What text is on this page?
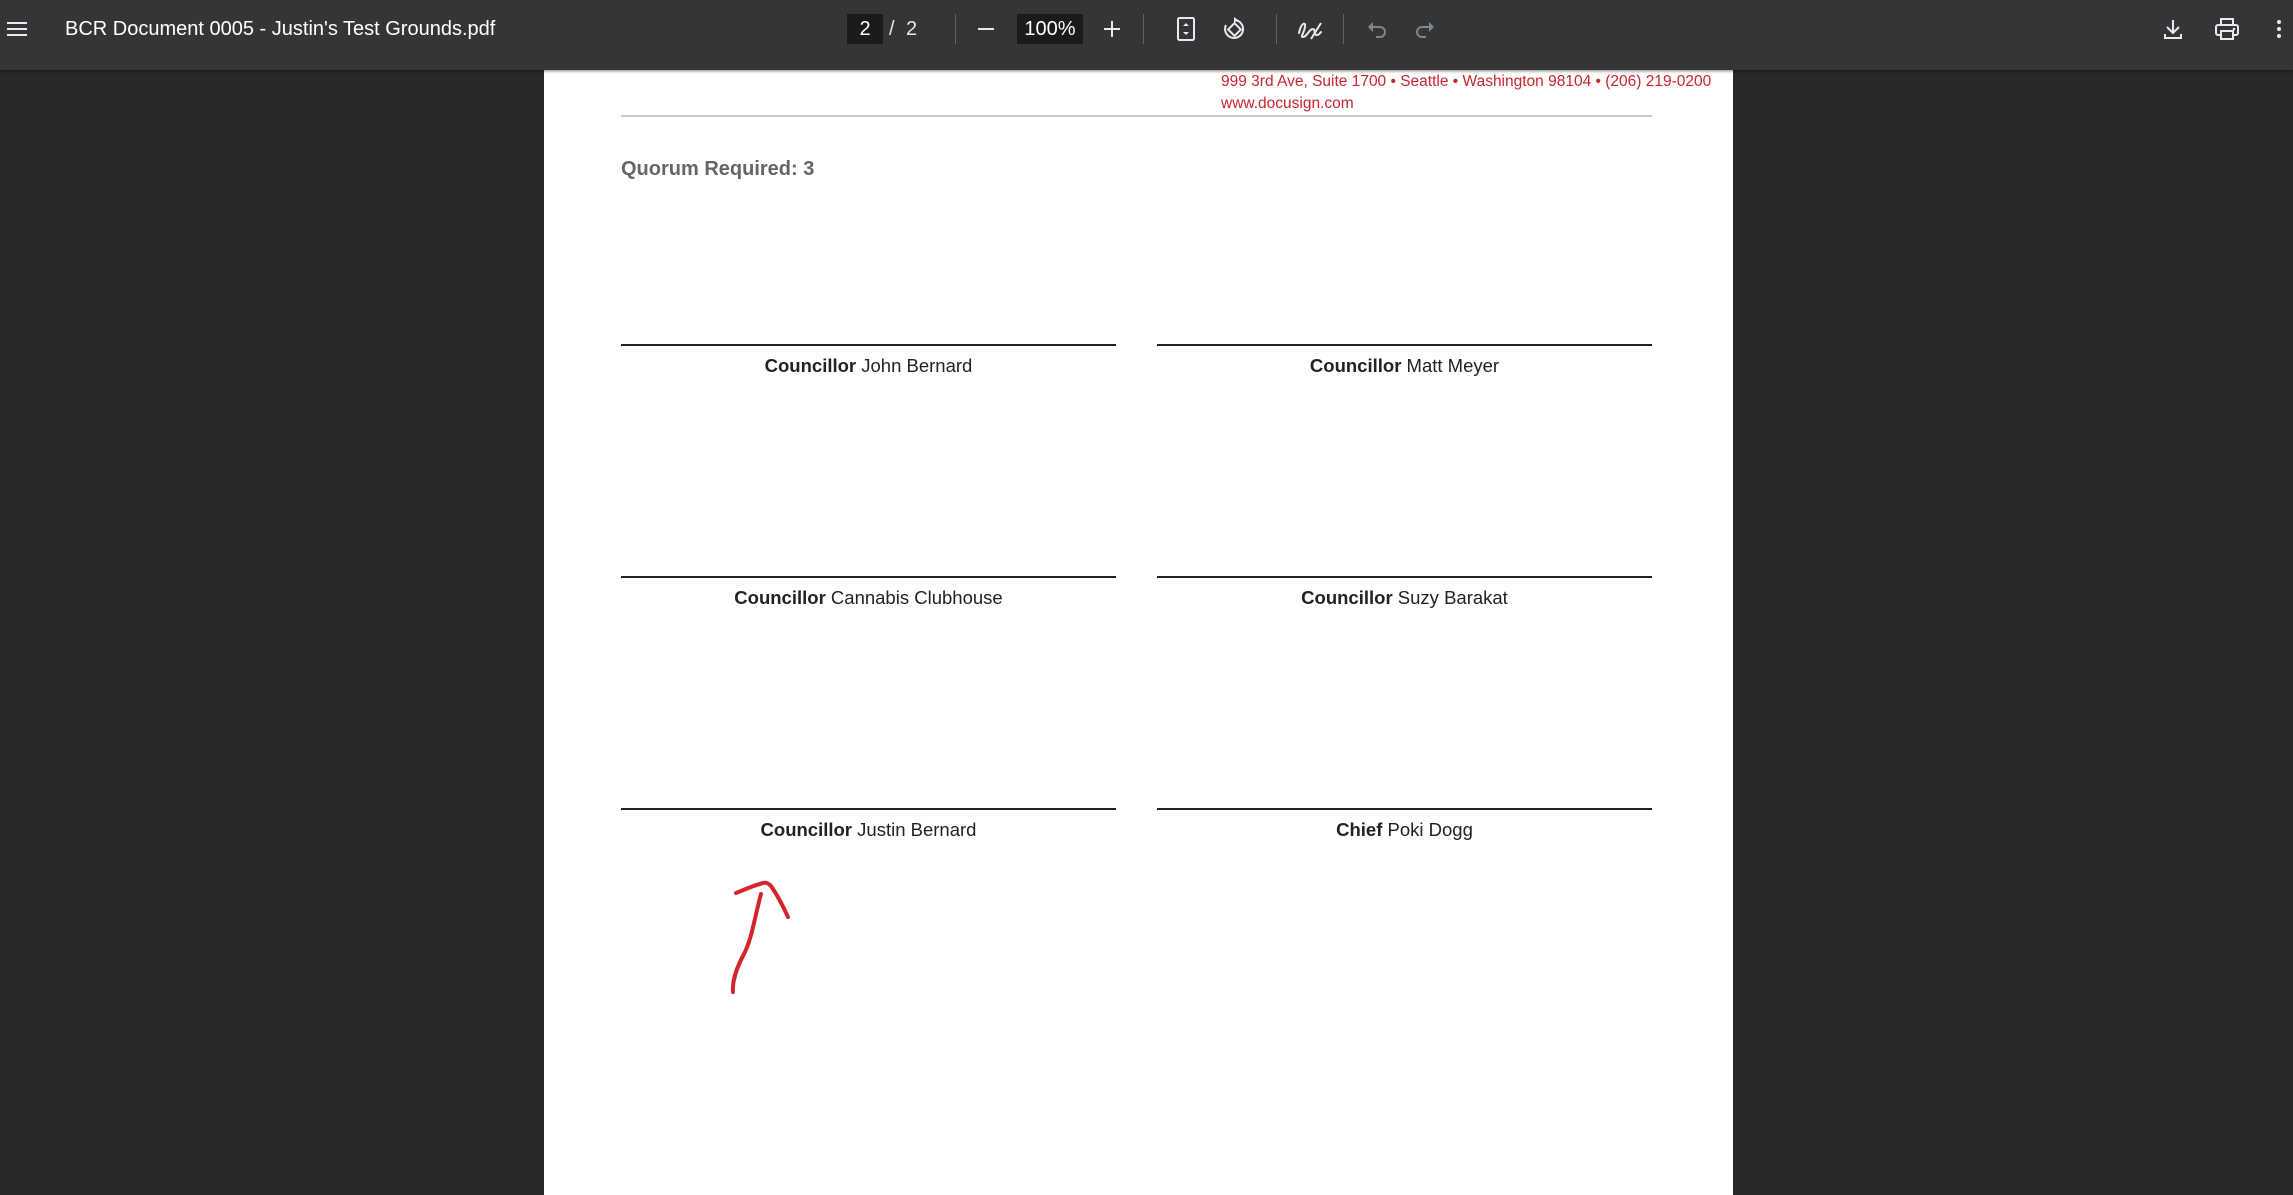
BCR Document 0005 - Justin's Test Grounds.pdf
2	/ 2
100%
999 3rd Ave, Suite 1700 • Seattle • Washington 98104 • (206) 219-0200
www.docusign.com
Quorum Required: 3
Councillor John Bernard	Councillor Matt Meyer
Councillor Cannabis Clubhouse	Councillor Suzy Barakat
Councillor Justin Bernard	Chief Poki Dogg
